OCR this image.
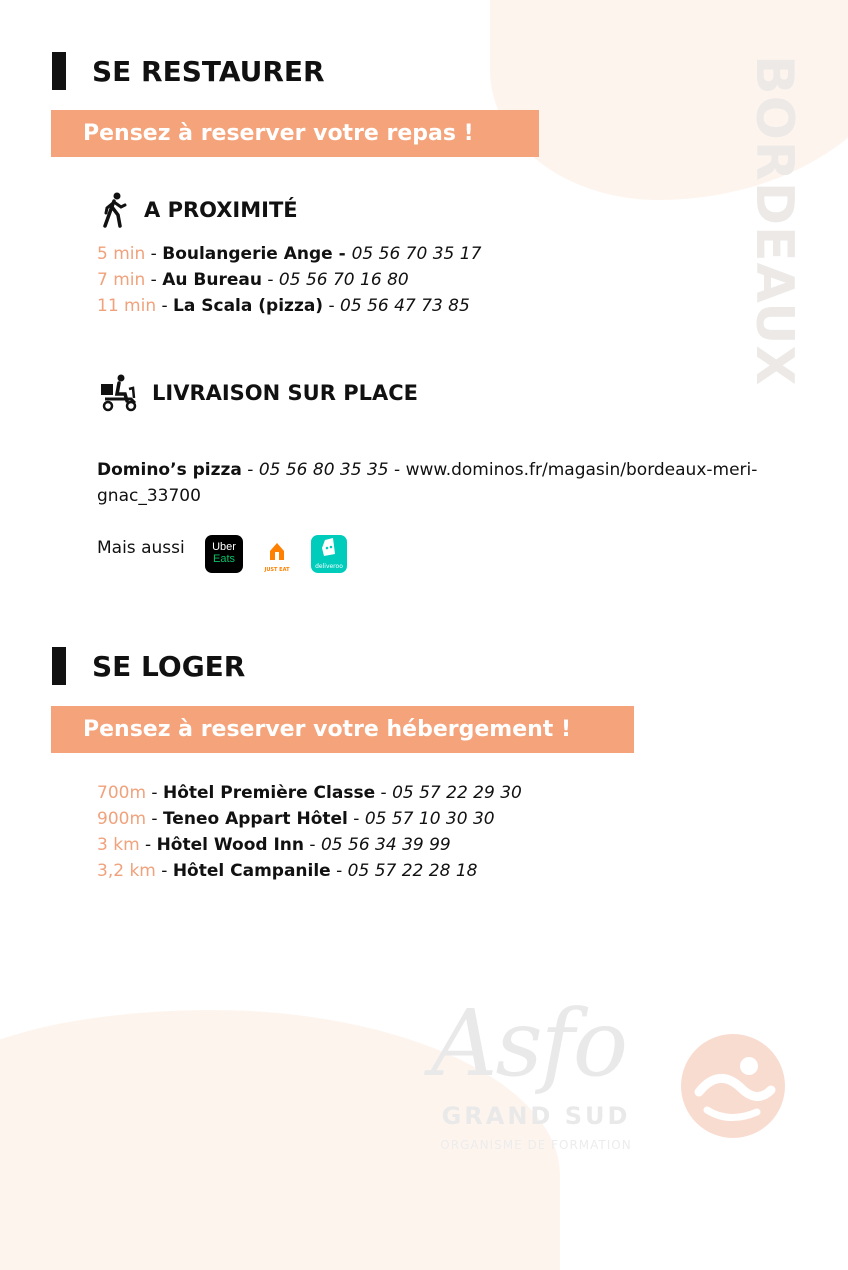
BORDEAUX
SE RESTAURER
Pensez à reserver votre repas !
A PROXIMITÉ
5 min - Boulangerie Ange - 05 56 70 35 17
7 min - Au Bureau - 05 56 70 16 80
11 min - La Scala (pizza) - 05 56 47 73 85
LIVRAISON SUR PLACE
Domino’s pizza - 05 56 80 35 35 - www.dominos.fr/magasin/bordeaux-meri-
gnac_33700
Mais aussi	Uber
Eats
JUST EAT	deliveroo
SE LOGER
Pensez à reserver votre hébergement !
700m - Hôtel Première Classe - 05 57 22 29 30
900m - Teneo Appart Hôtel - 05 57 10 30 30
3 km - Hôtel Wood Inn - 05 56 34 39 99
3,2 km - Hôtel Campanile - 05 57 22 28 18
Asfo
GRAND SUD
ORGANISME DE FORMATION
